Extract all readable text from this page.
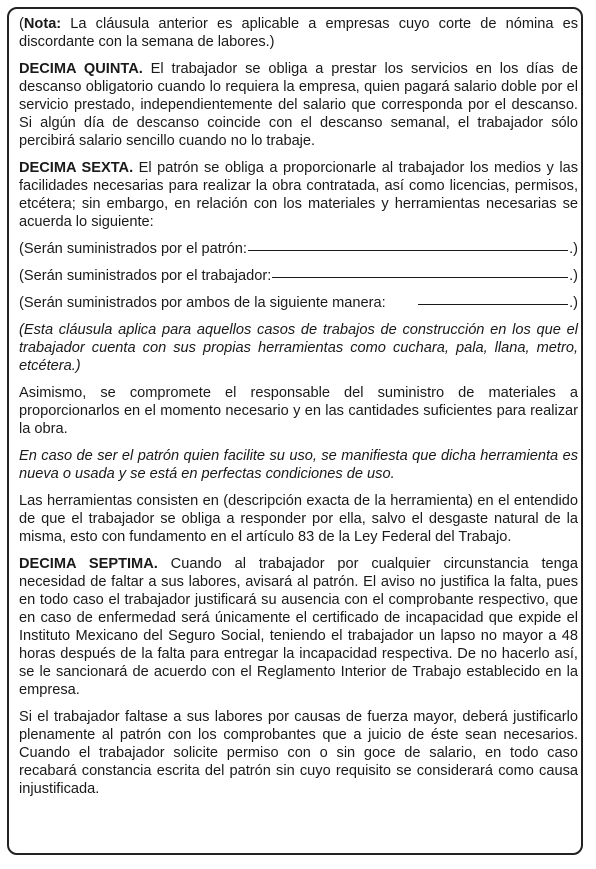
(Nota: La cláusula anterior es aplicable a empresas cuyo corte de nómina es discordante con la semana de labores.)

DECIMA QUINTA. El trabajador se obliga a prestar los servicios en los días de descanso obligatorio cuando lo requiera la empresa, quien pagará salario doble por el servicio prestado, independientemente del salario que corresponda por el descanso. Si algún día de descanso coincide con el descanso semanal, el trabajador sólo percibirá salario sencillo cuando no lo trabaje.

DECIMA SEXTA. El patrón se obliga a proporcionarle al trabajador los medios y las facilidades necesarias para realizar la obra contratada, así como licencias, permisos, etcétera; sin embargo, en relación con los materiales y herramientas necesarias se acuerda lo siguiente:

(Serán suministrados por el patrón:	.)
(Serán suministrados por el trabajador:	.)
(Serán suministrados por ambos de la siguiente manera:	.)

(Esta cláusula aplica para aquellos casos de trabajos de construcción en los que el trabajador cuenta con sus propias herramientas como cuchara, pala, llana, metro, etcétera.)

Asimismo, se compromete el responsable del suministro de materiales a proporcionarlos en el momento necesario y en las cantidades suficientes para realizar la obra.

En caso de ser el patrón quien facilite su uso, se manifiesta que dicha herramienta es nueva o usada y se está en perfectas condiciones de uso.

Las herramientas consisten en (descripción exacta de la herramienta) en el entendido de que el trabajador se obliga a responder por ella, salvo el desgaste natural de la misma, esto con fundamento en el artículo 83 de la Ley Federal del Trabajo.

DECIMA SEPTIMA. Cuando al trabajador por cualquier circunstancia tenga necesidad de faltar a sus labores, avisará al patrón. El aviso no justifica la falta, pues en todo caso el trabajador justificará su ausencia con el comprobante respectivo, que en caso de enfermedad será únicamente el certificado de incapacidad que expide el Instituto Mexicano del Seguro Social, teniendo el trabajador un lapso no mayor a 48 horas después de la falta para entregar la incapacidad respectiva. De no hacerlo así, se le sancionará de acuerdo con el Reglamento Interior de Trabajo establecido en la empresa.

Si el trabajador faltase a sus labores por causas de fuerza mayor, deberá justificarlo plenamente al patrón con los comprobantes que a juicio de éste sean necesarios. Cuando el trabajador solicite permiso con o sin goce de salario, en todo caso recabará constancia escrita del patrón sin cuyo requisito se considerará como causa injustificada.
